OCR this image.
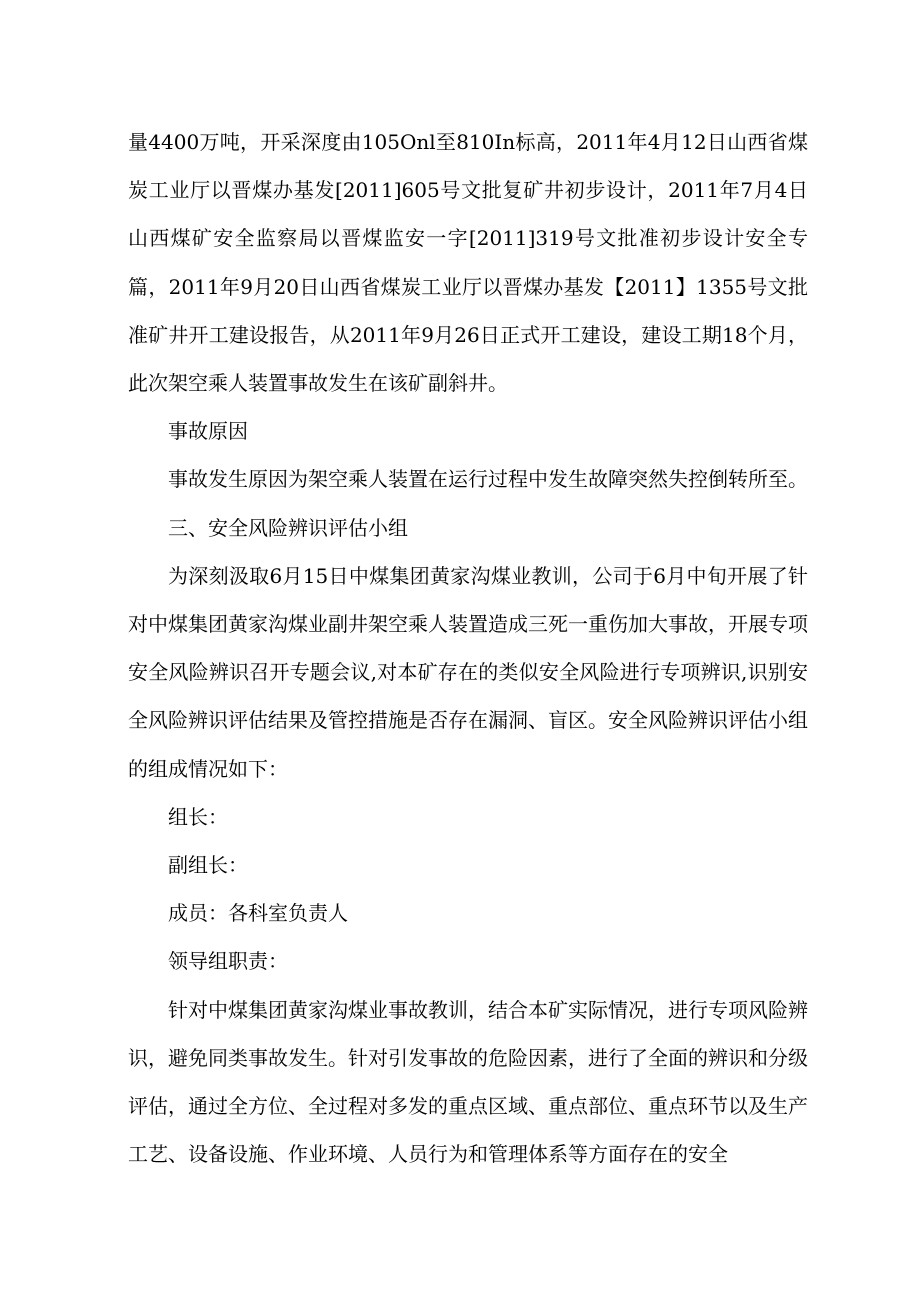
量4400万吨，开采深度由105Onl至810In标高，2011年4月12日山西省煤炭工业厅以晋煤办基发[2011]605号文批复矿井初步设计，2011年7月4日山西煤矿安全监察局以晋煤监安一字[2011]319号文批准初步设计安全专篇，2011年9月20日山西省煤炭工业厅以晋煤办基发【2011】1355号文批准矿井开工建设报告，从2011年9月26日正式开工建设，建设工期18个月，此次架空乘人装置事故发生在该矿副斜井。

事故原因

事故发生原因为架空乘人装置在运行过程中发生故障突然失控倒转所至。

三、安全风险辨识评估小组

为深刻汲取6月15日中煤集团黄家沟煤业教训，公司于6月中旬开展了针对中煤集团黄家沟煤业副井架空乘人装置造成三死一重伤加大事故，开展专项安全风险辨识召开专题会议,对本矿存在的类似安全风险进行专项辨识,识别安全风险辨识评估结果及管控措施是否存在漏洞、盲区。安全风险辨识评估小组的组成情况如下：

组长：

副组长：

成员：各科室负责人

领导组职责：

针对中煤集团黄家沟煤业事故教训，结合本矿实际情况，进行专项风险辨识，避免同类事故发生。针对引发事故的危险因素，进行了全面的辨识和分级评估，通过全方位、全过程对多发的重点区域、重点部位、重点环节以及生产工艺、设备设施、作业环境、人员行为和管理体系等方面存在的安全
